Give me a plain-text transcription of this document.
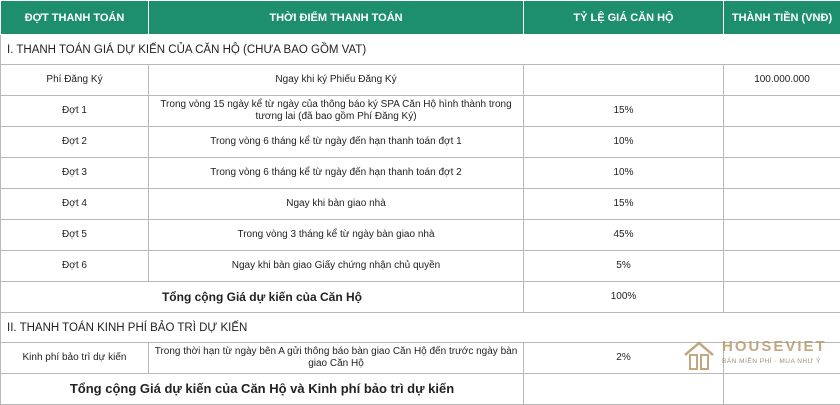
ĐỢT THANH TOÁN	THỜI ĐIỂM THANH TOÁN	TỶ LỆ GIÁ CĂN HỘ	THÀNH TIỀN (VNĐ)
I. THANH TOÁN GIÁ DỰ KIẾN CỦA CĂN HỘ (CHƯA BAO GỒM VAT)			
Phí Đăng Ký	Ngay khi ký Phiếu Đăng Ký		100.000.000
Đợt 1	Trong vòng 15 ngày kể từ ngày của thông báo ký SPA Căn Hộ hình thành trong tương lai (đã bao gồm Phí Đăng Ký)	15%	
Đợt 2	Trong vòng 6 tháng kể từ ngày đến hạn thanh toán đợt 1	10%	
Đợt 3	Trong vòng 6 tháng kể từ ngày đến hạn thanh toán đợt 2	10%	
Đợt 4	Ngay khi bàn giao nhà	15%	
Đợt 5	Trong vòng 3 tháng kể từ ngày bàn giao nhà	45%	
Đợt 6	Ngay khi bàn giao Giấy chứng nhận chủ quyền	5%	
Tổng cộng Giá dự kiến của Căn Hộ		100%	
II. THANH TOÁN KINH PHÍ BẢO TRÌ DỰ KIẾN			
Kinh phí bảo trì dự kiến	Trong thời hạn từ ngày bên A gửi thông báo bàn giao Căn Hộ đến trước ngày bàn giao Căn Hộ	2%	
Tổng cộng Giá dự kiến của Căn Hộ và Kinh phí bảo trì dự kiến			
HOUSEVIET
BÁN MIỄN PHÍ · MUA NHƯ Ý
